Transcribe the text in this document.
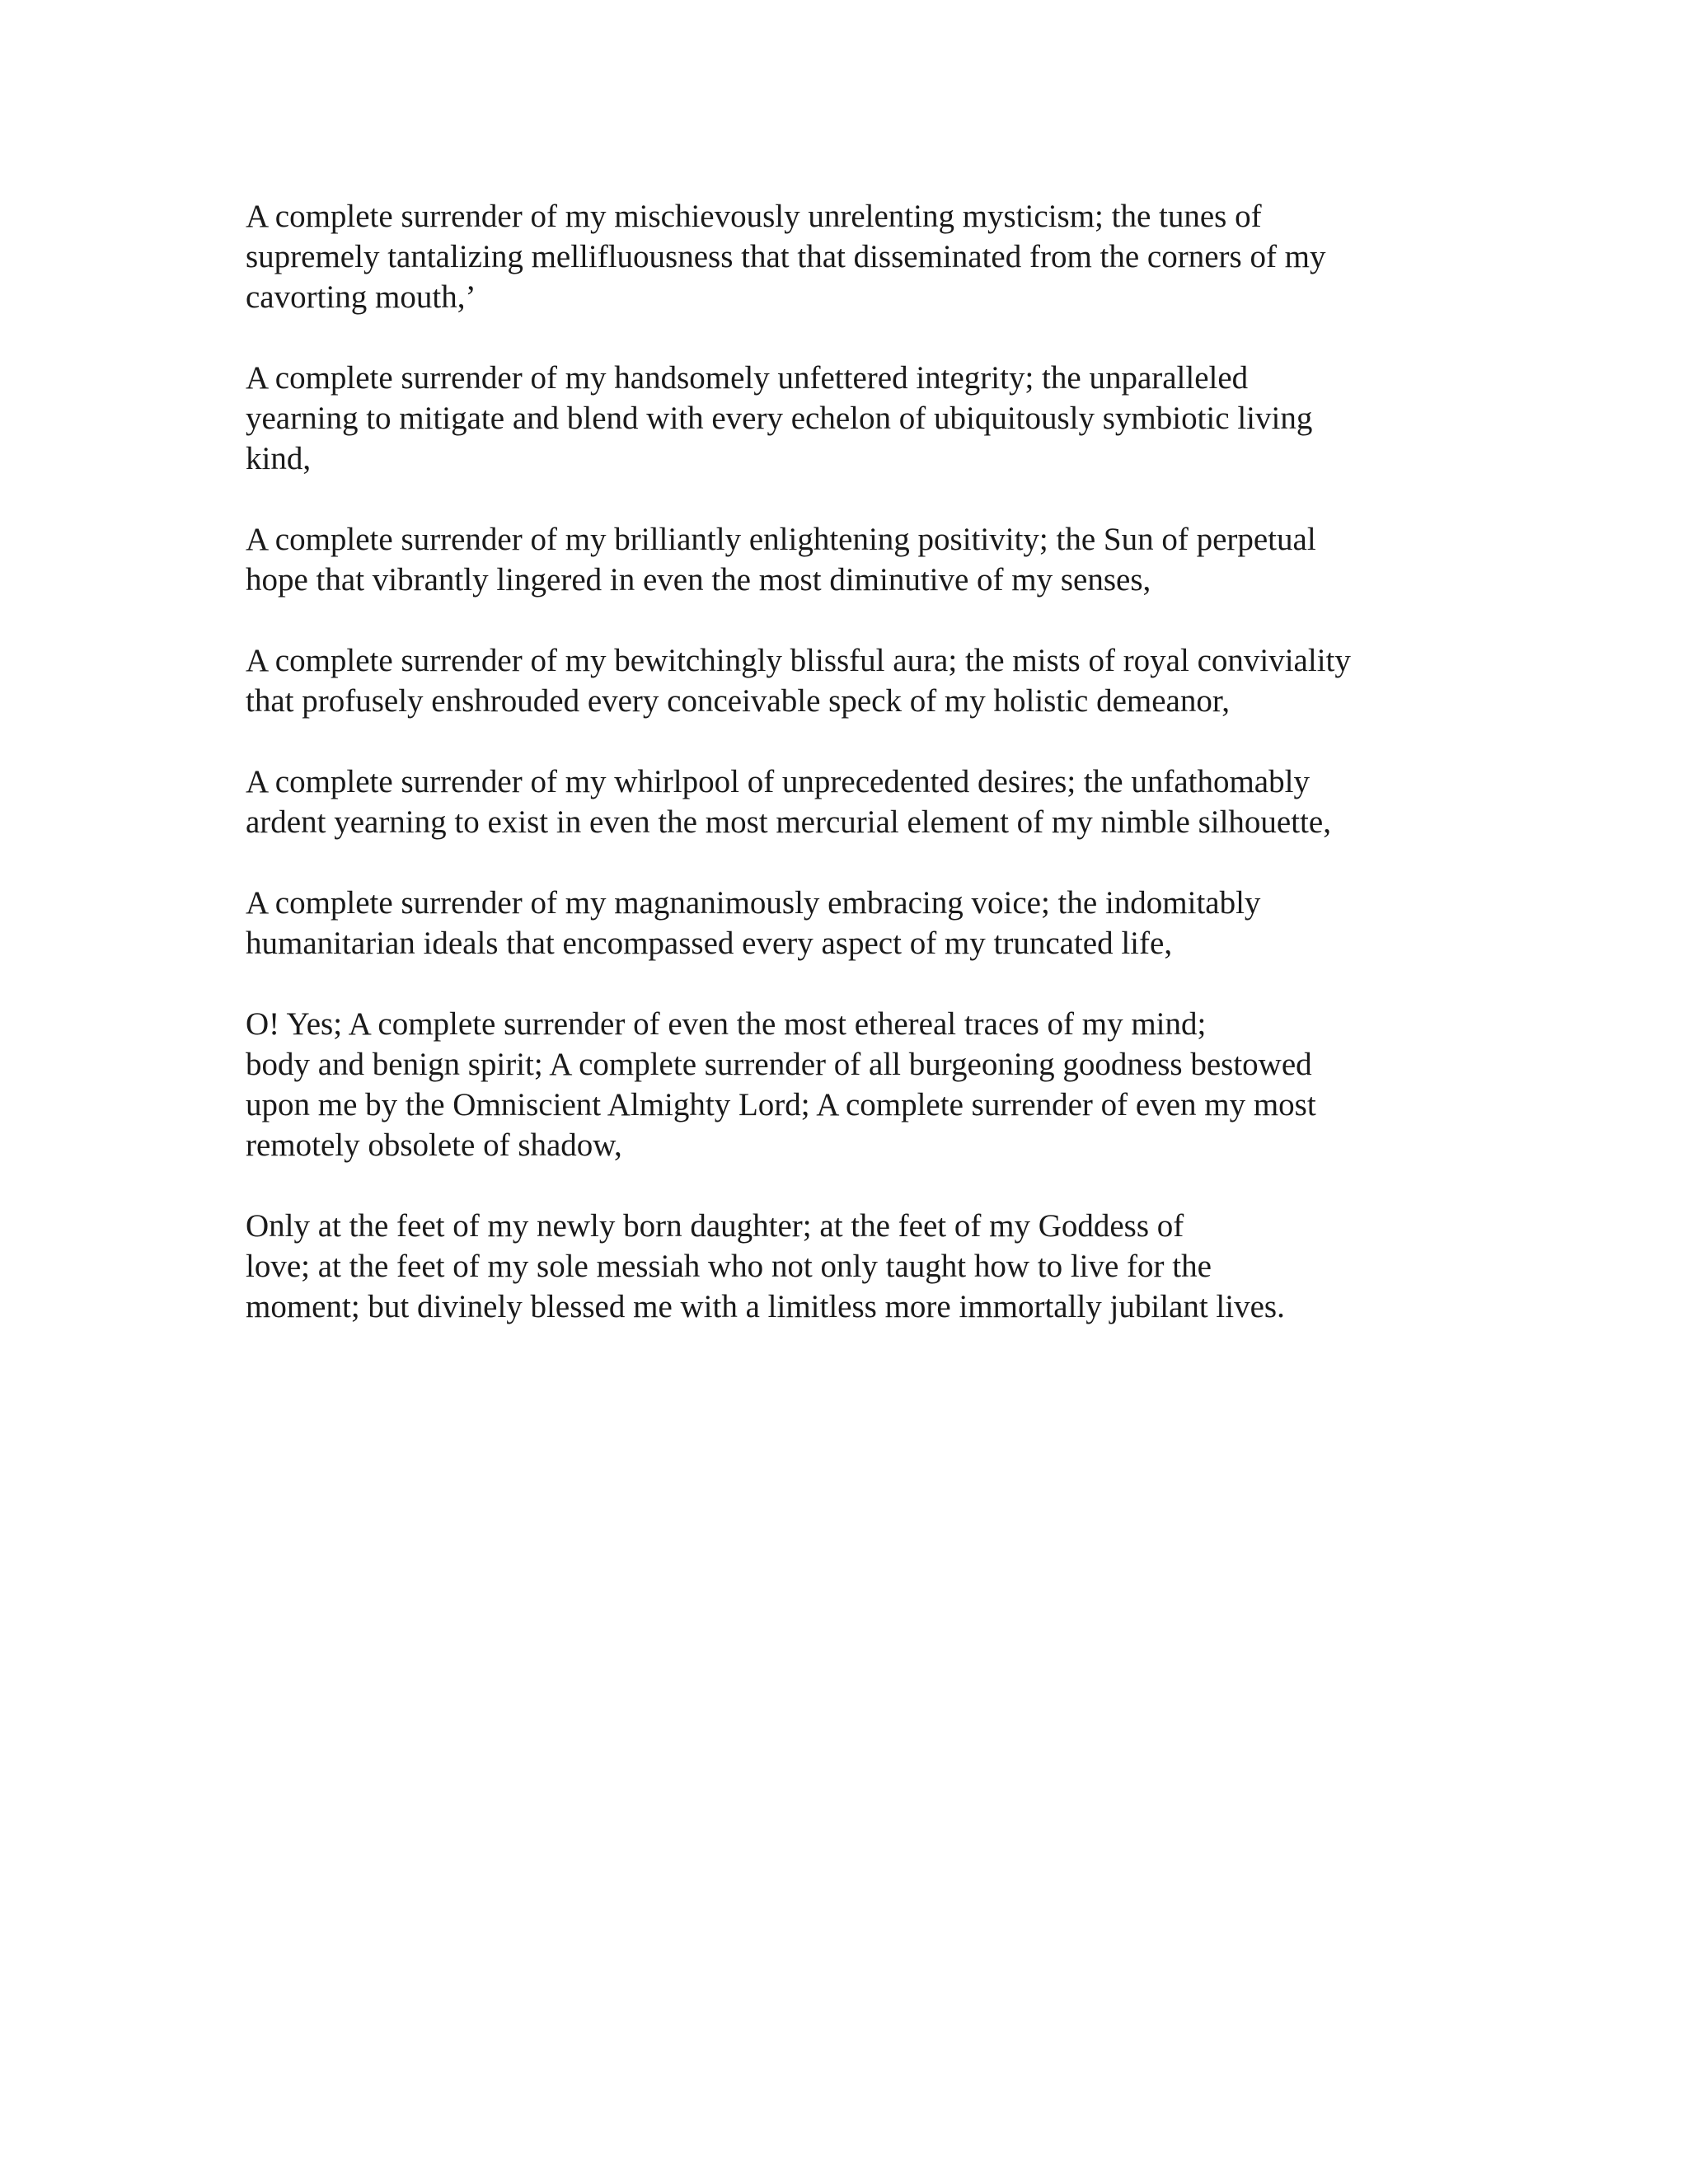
A complete surrender of my mischievously unrelenting mysticism; the tunes of
supremely tantalizing mellifluousness that that disseminated from the corners of my
cavorting mouth,’

A complete surrender of my handsomely unfettered integrity; the unparalleled
yearning to mitigate and blend with every echelon of ubiquitously symbiotic living
kind,

A complete surrender of my brilliantly enlightening positivity; the Sun of perpetual
hope that vibrantly lingered in even the most diminutive of my senses,

A complete surrender of my bewitchingly blissful aura; the mists of royal conviviality
that profusely enshrouded every conceivable speck of my holistic demeanor,

A complete surrender of my whirlpool of unprecedented desires; the unfathomably
ardent yearning to exist in even the most mercurial element of my nimble silhouette,

A complete surrender of my magnanimously embracing voice; the indomitably
humanitarian ideals that encompassed every aspect of my truncated life,

O! Yes; A complete surrender of even the most ethereal traces of my mind;
body and benign spirit; A complete surrender of all burgeoning goodness bestowed
upon me by the Omniscient Almighty Lord; A complete surrender of even my most
remotely obsolete of shadow,

Only at the feet of my newly born daughter; at the feet of my Goddess of
love; at the feet of my sole messiah who not only taught how to live for the
moment; but divinely blessed me with a limitless more immortally jubilant lives.
